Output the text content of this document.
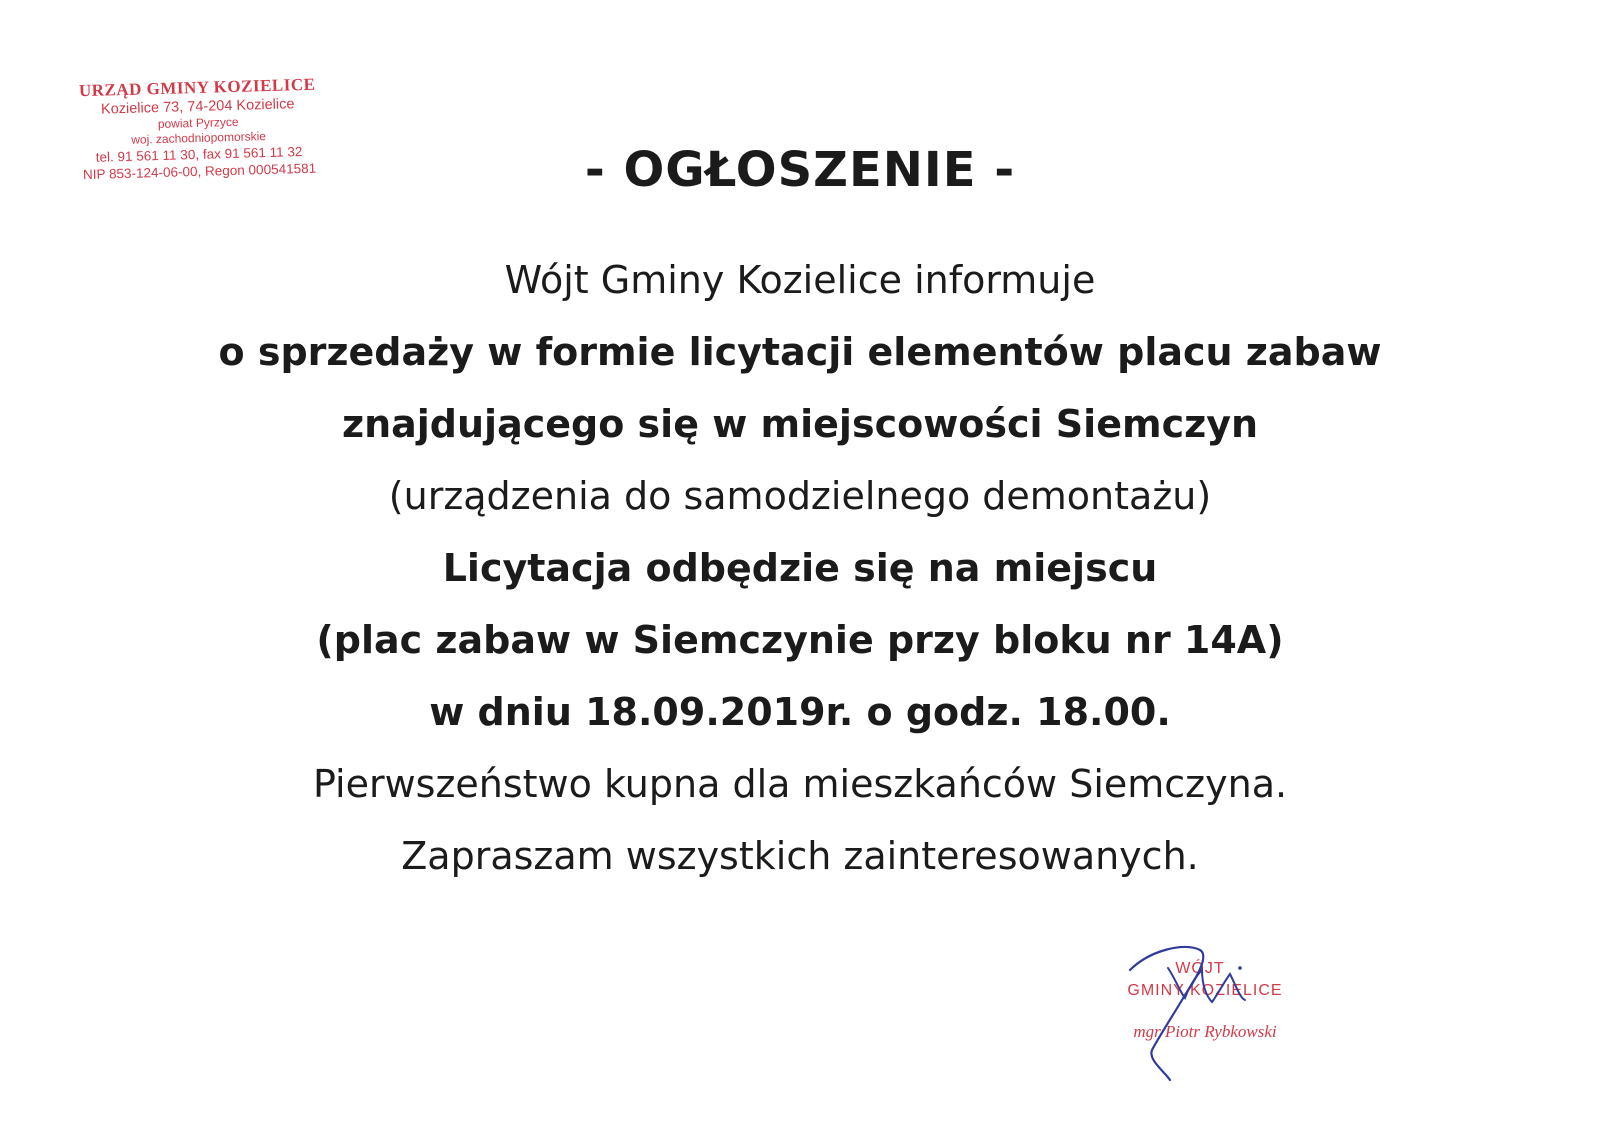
URZĄD GMINY KOZIELICE
Kozielice 73, 74-204 Kozielice
powiat Pyrzyce
woj. zachodniopomorskie
tel. 91 561 11 30, fax 91 561 11 32
NIP 853-124-06-00, Regon 000541581	- OGŁOSZENIE -
Wójt Gminy Kozielice informuje
o sprzedaży w formie licytacji elementów placu zabaw
znajdującego się w miejscowości Siemczyn
(urządzenia do samodzielnego demontażu)
Licytacja odbędzie się na miejscu
(plac zabaw w Siemczynie przy bloku nr 14A)
w dniu 18.09.2019r. o godz. 18.00.
Pierwszeństwo kupna dla mieszkańców Siemczyna.
Zapraszam wszystkich zainteresowanych.
WÓJT
GMINY KOZIELICE
mgr Piotr Rybkowski
